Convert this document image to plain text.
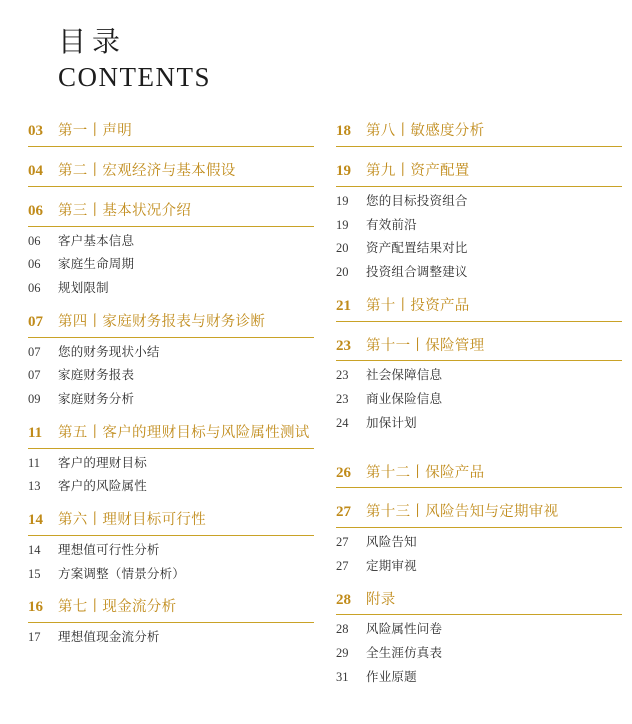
目录
CONTENTS
03	第一丨声明
04	第二丨宏观经济与基本假设
06	第三丨基本状况介绍
06	客户基本信息
06	家庭生命周期
06	规划限制
07	第四丨家庭财务报表与财务诊断
07	您的财务现状小结
07	家庭财务报表
09	家庭财务分析
11	第五丨客户的理财目标与风险属性测试
11	客户的理财目标
13	客户的风险属性
14	第六丨理财目标可行性
14	理想值可行性分析
15	方案调整（情景分析）
16	第七丨现金流分析
17	理想值现金流分析
18	第八丨敏感度分析
19	第九丨资产配置
19	您的目标投资组合
19	有效前沿
20	资产配置结果对比
20	投资组合调整建议
21	第十丨投资产品
23	第十一丨保险管理
23	社会保障信息
23	商业保险信息
24	加保计划
26	第十二丨保险产品
27	第十三丨风险告知与定期审视
27	风险告知
27	定期审视
28	附录
28	风险属性问卷
29	全生涯仿真表
31	作业原题
